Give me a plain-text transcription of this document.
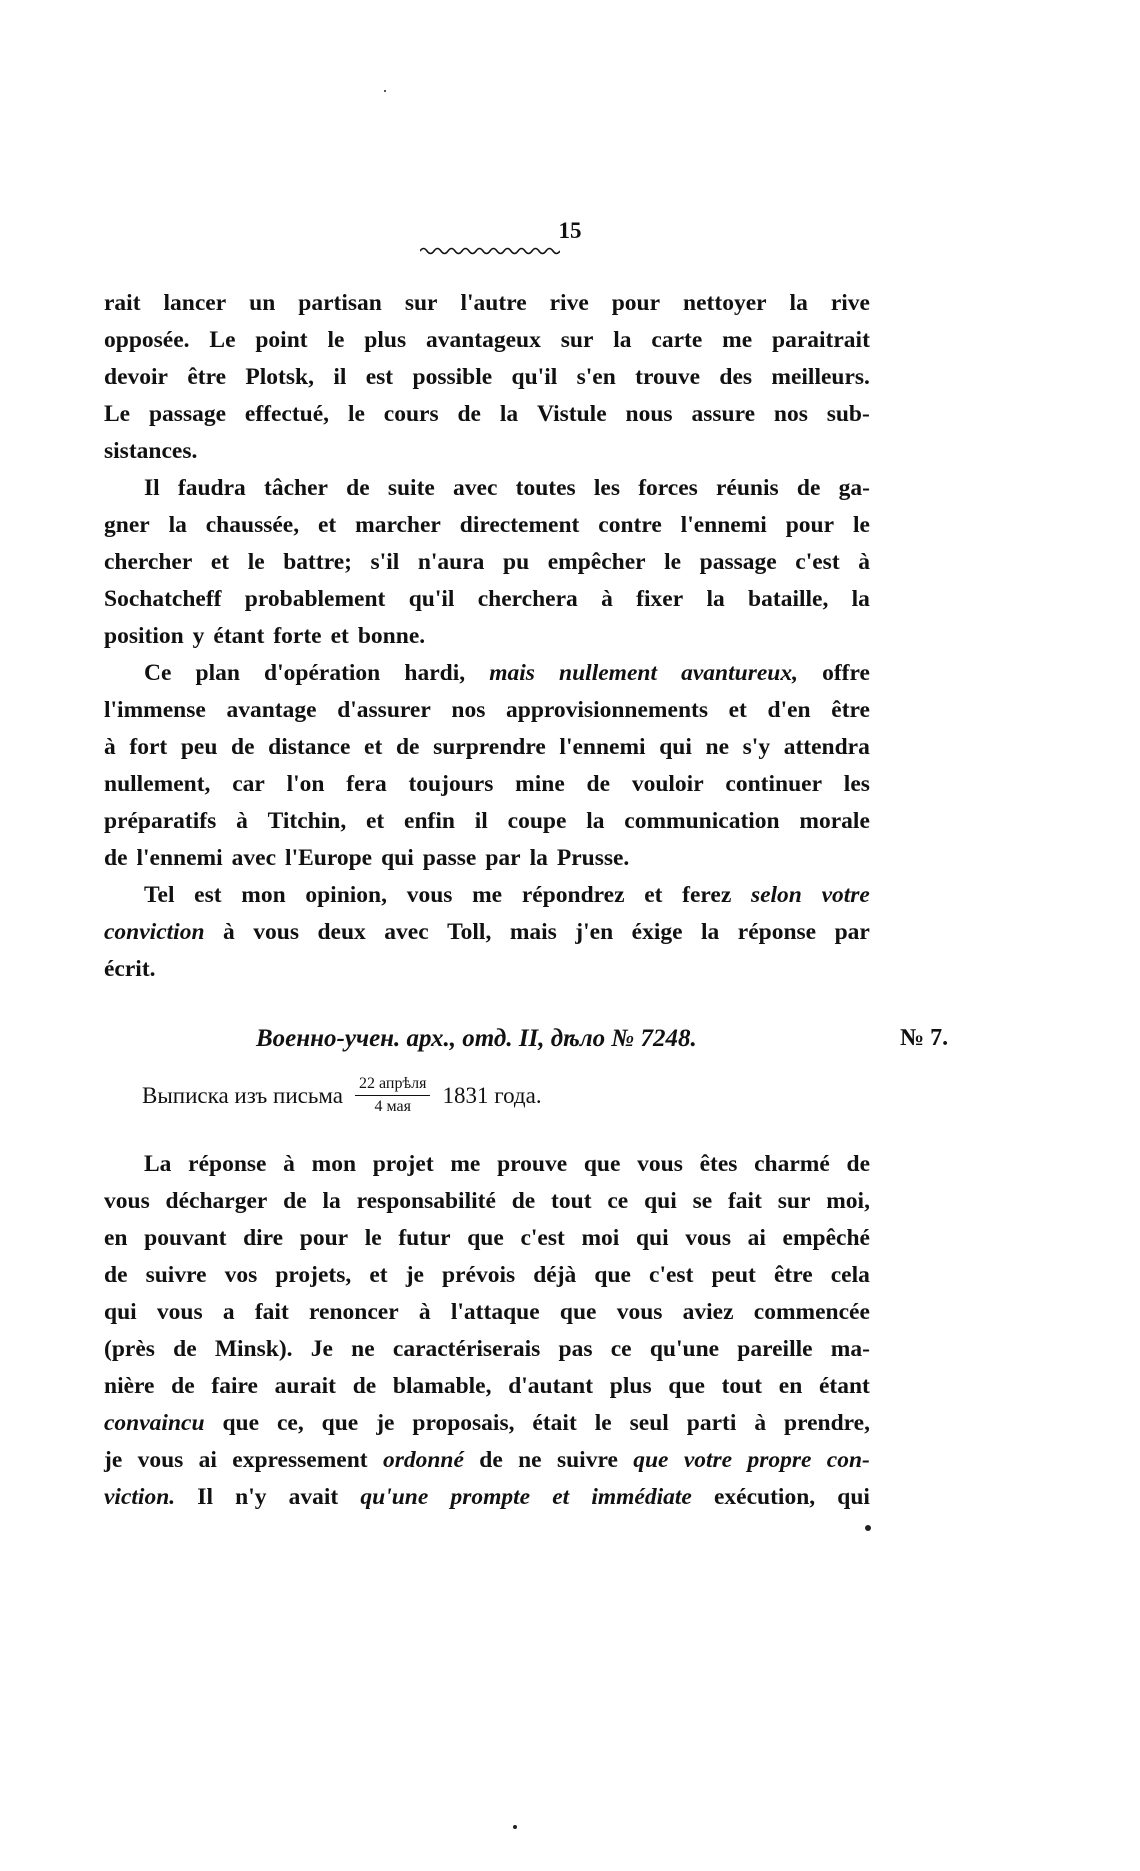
15
rait lancer un partisan sur l'autre rive pour nettoyer la rive
opposée. Le point le plus avantageux sur la carte me paraitrait
devoir être Plotsk, il est possible qu'il s'en trouve des meilleurs.
Le passage effectué, le cours de la Vistule nous assure nos sub-
sistances.
Il faudra tâcher de suite avec toutes les forces réunis de ga-
gner la chaussée, et marcher directement contre l'ennemi pour le
chercher et le battre; s'il n'aura pu empêcher le passage c'est à
Sochatcheff probablement qu'il cherchera à fixer la bataille, la
position y étant forte et bonne.
Ce plan d'opération hardi, mais nullement avantureux, offre
l'immense avantage d'assurer nos approvisionnements et d'en être
à fort peu de distance et de surprendre l'ennemi qui ne s'y attendra
nullement, car l'on fera toujours mine de vouloir continuer les
préparatifs à Titchin, et enfin il coupe la communication morale
de l'ennemi avec l'Europe qui passe par la Prusse.
Tel est mon opinion, vous me répondrez et ferez selon votre
conviction à vous deux avec Toll, mais j'en éxige la réponse par
écrit.
Военно-учен. арх., отд. II, дѣло № 7248.	№ 7.
Выписка изъ письма $\frac{\text{22 апрѣля}}{\text{4 мая}} 1831$ года.
La réponse à mon projet me prouve que vous êtes charmé de
vous décharger de la responsabilité de tout ce qui se fait sur moi,
en pouvant dire pour le futur que c'est moi qui vous ai empêché
de suivre vos projets, et je prévois déjà que c'est peut être cela
qui vous a fait renoncer à l'attaque que vous aviez commencée
(près de Minsk). Je ne caractériserais pas ce qu'une pareille ma-
nière de faire aurait de blamable, d'autant plus que tout en étant
convaincu que ce, que je proposais, était le seul parti à prendre,
je vous ai expressement ordonné de ne suivre que votre propre con-
viction. Il n'y avait qu'une prompte et immédiate exécution, qui
